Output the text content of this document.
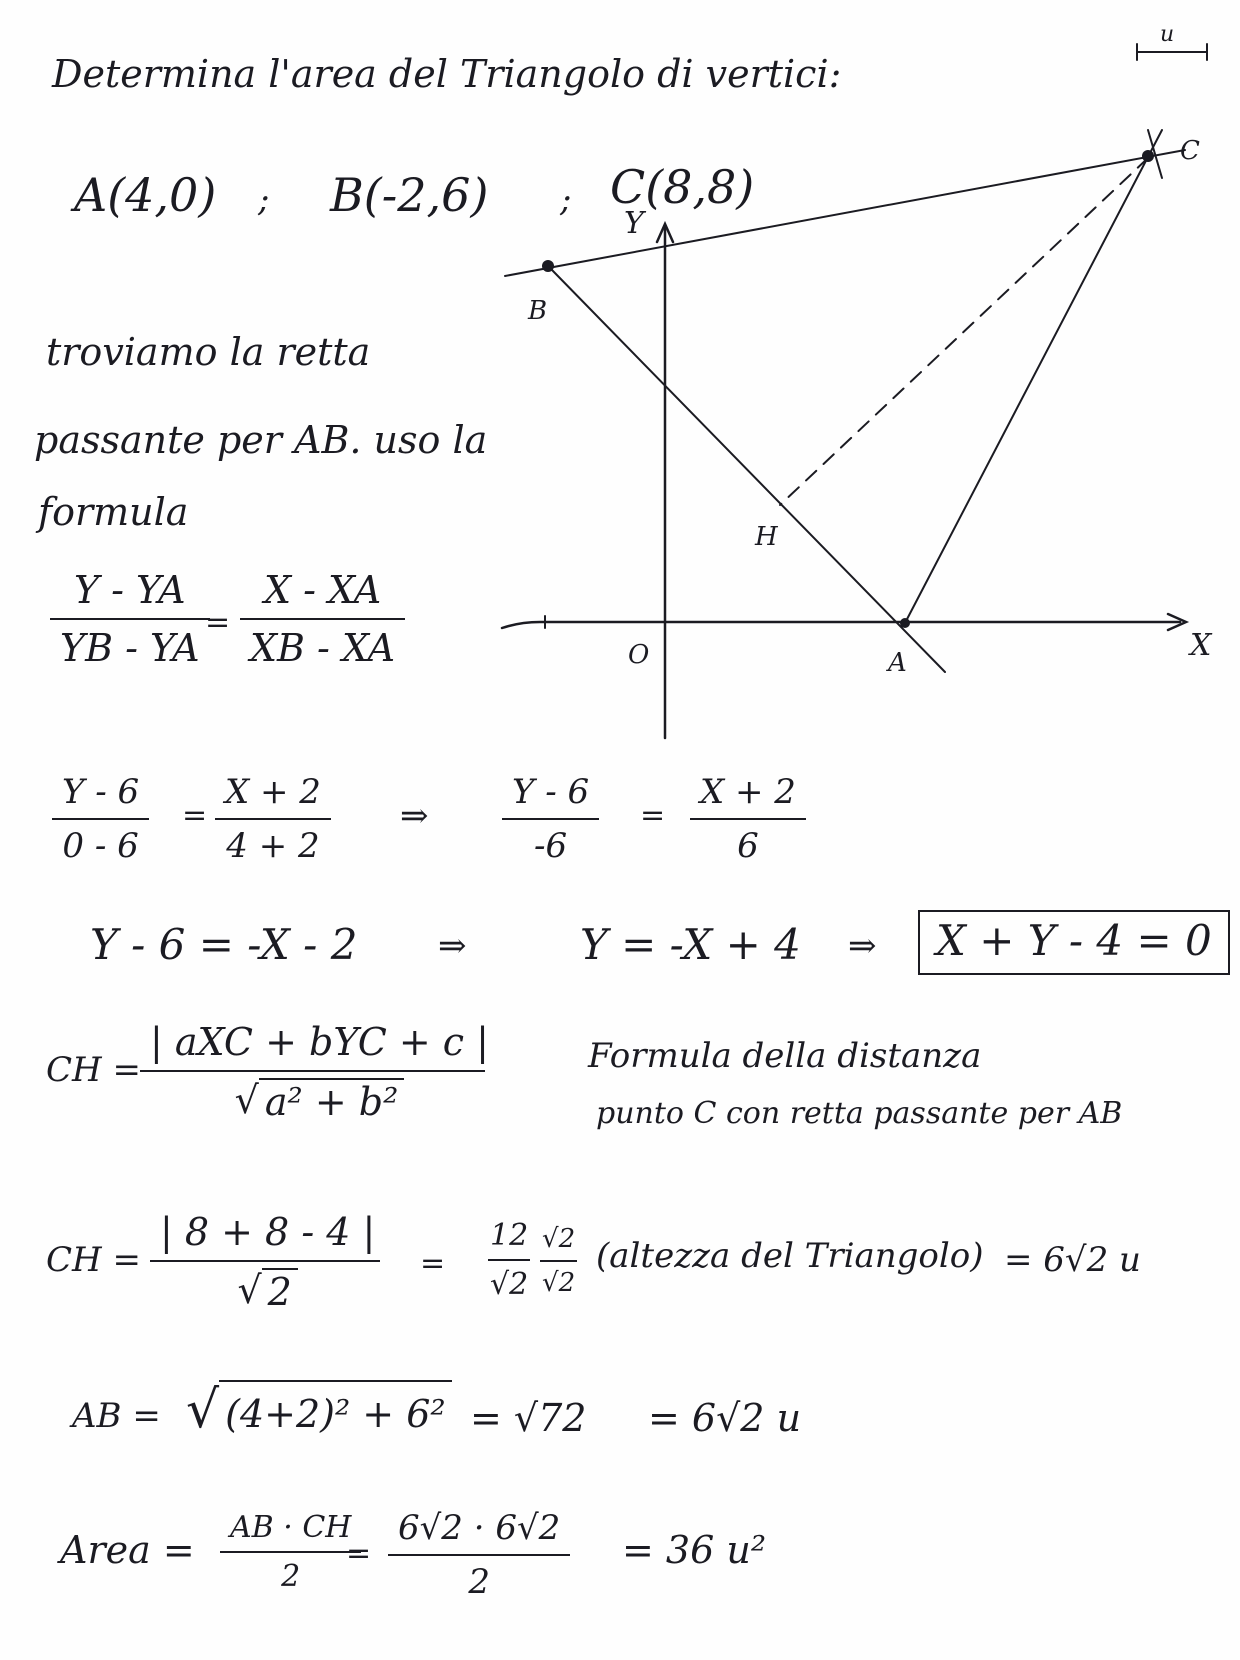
u
Determina l'area del Triangolo di vertici:
A(4,0) ; B(-2,6) ; C(8,8)
Y
X
B
C
H
A
O
troviamo la retta
passante per AB. uso la
formula
Y - YA
YB - YA
=
X - XA
XB - XA
Y - 6
0 - 6
=
X + 2
4 + 2
⇒
Y - 6
-6
=
X + 2
6
Y - 6 = -X - 2 ⇒	Y = -X + 4 ⇒	X + Y - 4 = 0
CH =
| aXC + bYC + c |
√ a² + b²
Formula della distanza
punto C con retta passante per AB
CH =
| 8 + 8 - 4 |
√ 2
=
12
√2
√2
√2
(altezza del Triangolo) = 6√2 u
AB = √ (4+2)² + 6² = √72 = 6√2 u
Area =
AB · CH
2
=
6√2 · 6√2
2
= 36 u²
